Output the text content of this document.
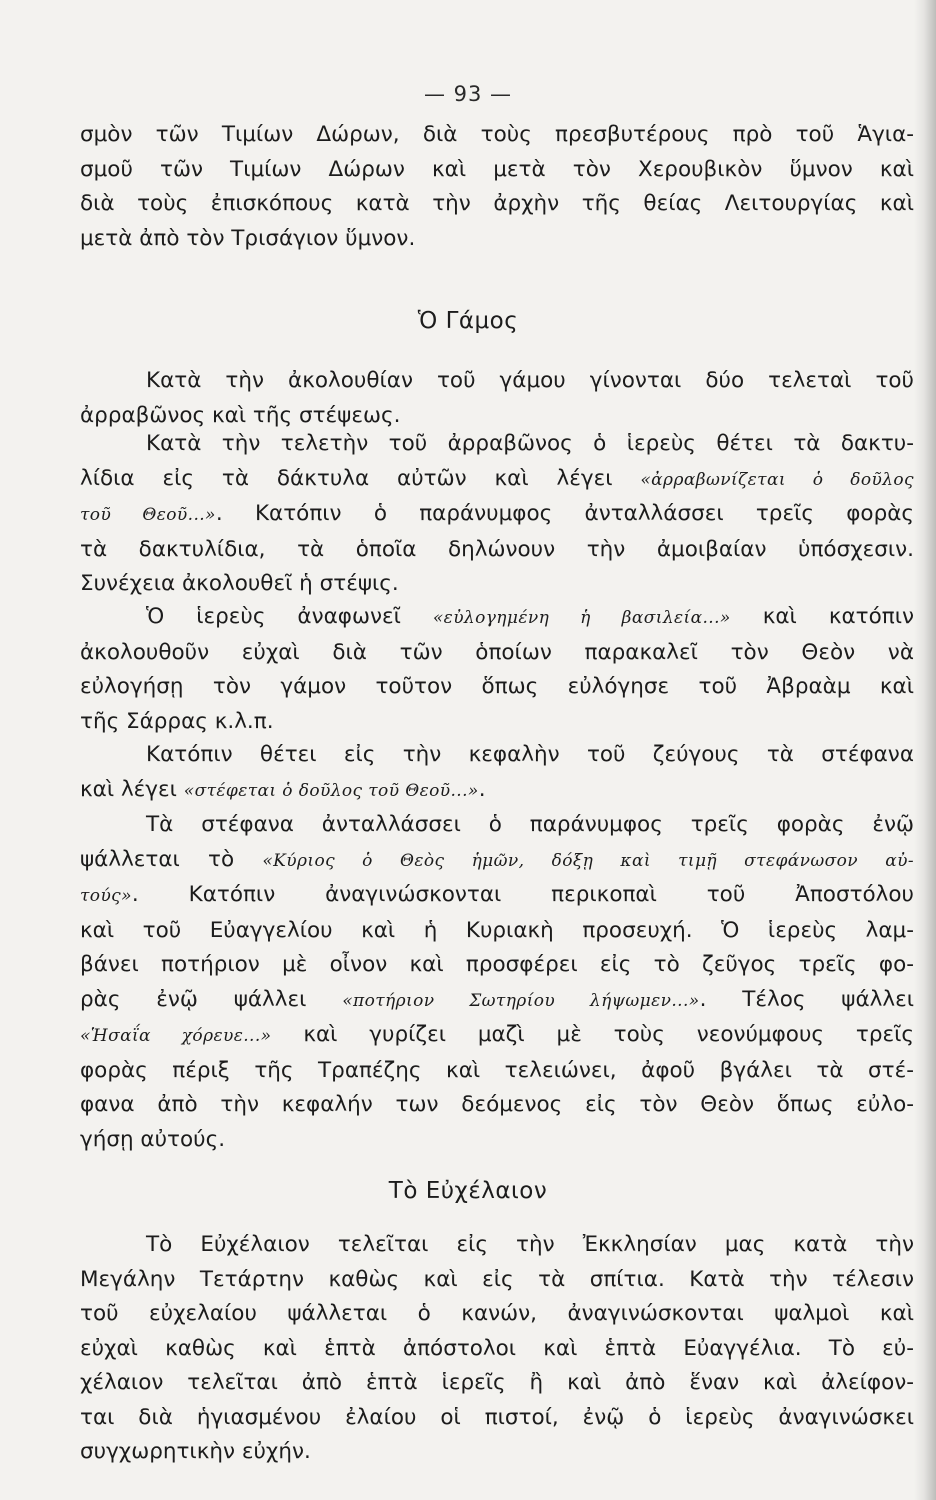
— 93 —

σμὸν τῶν Τιμίων Δώρων, διὰ τοὺς πρεσβυτέρους πρὸ τοῦ Ἁγια-
σμοῦ τῶν Τιμίων Δώρων καὶ μετὰ τὸν Χερουβικὸν ὕμνον καὶ
διὰ τοὺς ἐπισκόπους κατὰ τὴν ἀρχὴν τῆς θείας Λειτουργίας καὶ
μετὰ ἀπὸ τὸν Τρισάγιον ὕμνον.

Ὁ Γάμος

Κατὰ τὴν ἀκολουθίαν τοῦ γάμου γίνονται δύο τελεταὶ τοῦ
ἀρραβῶνος καὶ τῆς στέψεως.

Κατὰ τὴν τελετὴν τοῦ ἀρραβῶνος ὁ ἱερεὺς θέτει τὰ δακτυ-
λίδια εἰς τὰ δάκτυλα αὐτῶν καὶ λέγει «ἀρραβωνίζεται ὁ δοῦλος
τοῦ Θεοῦ...». Κατόπιν ὁ παράνυμφος ἀνταλλάσσει τρεῖς φορὰς
τὰ δακτυλίδια, τὰ ὁποῖα δηλώνουν τὴν ἀμοιβαίαν ὑπόσχεσιν.
Συνέχεια ἀκολουθεῖ ἡ στέψις.

Ὁ ἱερεὺς ἀναφωνεῖ «εὐλογημένη ἡ βασιλεία...» καὶ κατόπιν
ἀκολουθοῦν εὐχαὶ διὰ τῶν ὁποίων παρακαλεῖ τὸν Θεὸν νὰ
εὐλογήσῃ τὸν γάμον τοῦτον ὅπως εὐλόγησε τοῦ Ἀβραὰμ καὶ
τῆς Σάρρας κ.λ.π.

Κατόπιν θέτει εἰς τὴν κεφαλὴν τοῦ ζεύγους τὰ στέφανα
καὶ λέγει «στέφεται ὁ δοῦλος τοῦ Θεοῦ...».

Τὰ στέφανα ἀνταλλάσσει ὁ παράνυμφος τρεῖς φορὰς ἐνῷ
ψάλλεται τὸ «Κύριος ὁ Θεὸς ἡμῶν, δόξῃ καὶ τιμῇ στεφάνωσον αὐ-
τούς». Κατόπιν ἀναγινώσκονται περικοπαὶ τοῦ Ἀποστόλου
καὶ τοῦ Εὐαγγελίου καὶ ἡ Κυριακὴ προσευχή. Ὁ ἱερεὺς λαμ-
βάνει ποτήριον μὲ οἶνον καὶ προσφέρει εἰς τὸ ζεῦγος τρεῖς φο-
ρὰς ἐνῷ ψάλλει «ποτήριον Σωτηρίου λήψωμεν...». Τέλος ψάλλει
«Ἡσαΐα χόρευε...» καὶ γυρίζει μαζὶ μὲ τοὺς νεονύμφους τρεῖς
φορὰς πέριξ τῆς Τραπέζης καὶ τελειώνει, ἀφοῦ βγάλει τὰ στέ-
φανα ἀπὸ τὴν κεφαλήν των δεόμενος εἰς τὸν Θεὸν ὅπως εὐλο-
γήσῃ αὐτούς.

Τὸ Εὐχέλαιον

Τὸ Εὐχέλαιον τελεῖται εἰς τὴν Ἐκκλησίαν μας κατὰ τὴν
Μεγάλην Τετάρτην καθὼς καὶ εἰς τὰ σπίτια. Κατὰ τὴν τέλεσιν
τοῦ εὐχελαίου ψάλλεται ὁ κανών, ἀναγινώσκονται ψαλμοὶ καὶ
εὐχαὶ καθὼς καὶ ἑπτὰ ἀπόστολοι καὶ ἑπτὰ Εὐαγγέλια. Τὸ εὐ-
χέλαιον τελεῖται ἀπὸ ἑπτὰ ἱερεῖς ἢ καὶ ἀπὸ ἕναν καὶ ἀλείφον-
ται διὰ ἡγιασμένου ἐλαίου οἱ πιστοί, ἐνῷ ὁ ἱερεὺς ἀναγινώσκει
συγχωρητικὴν εὐχήν.
